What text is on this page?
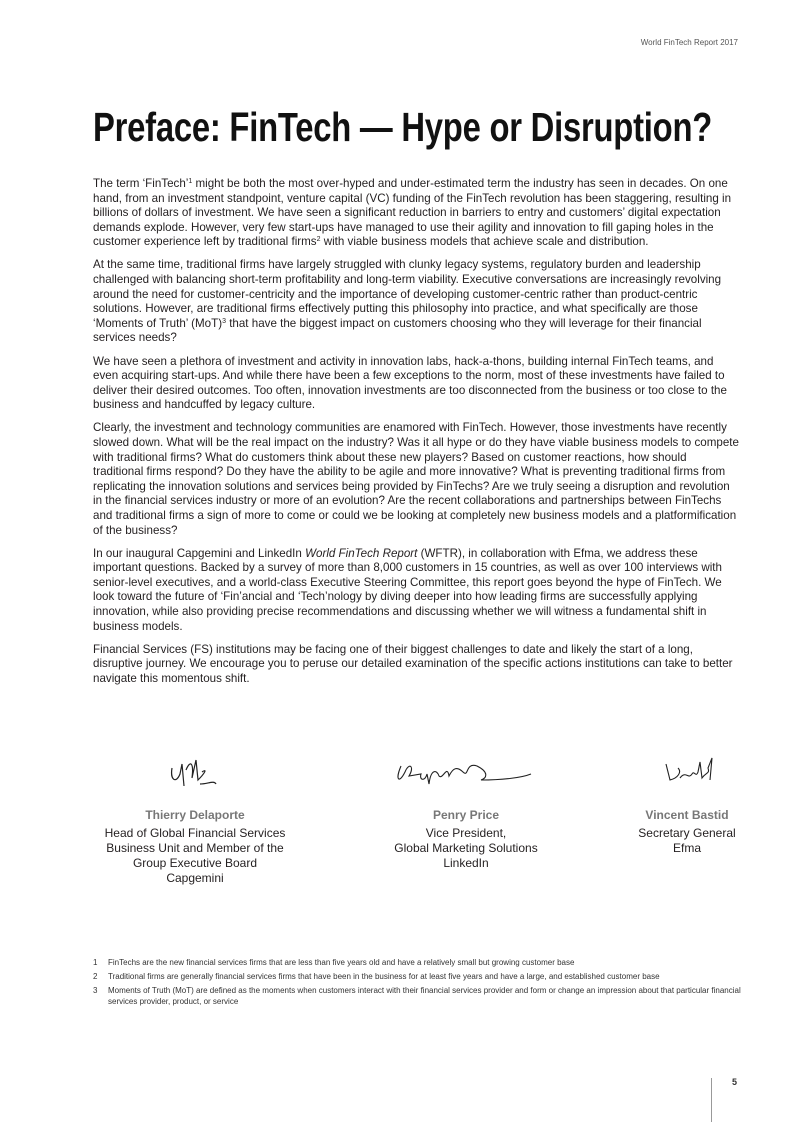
World FinTech Report 2017
Preface: FinTech — Hype or Disruption?

The term ‘FinTech’$^1$ might be both the most over-hyped and under-estimated term the industry has seen in decades. On one hand, from an investment standpoint, venture capital (VC) funding of the FinTech revolution has been staggering, resulting in billions of dollars of investment. We have seen a significant reduction in barriers to entry and customers’ digital expectation demands explode. However, very few start-ups have managed to use their agility and innovation to fill gaping holes in the customer experience left by traditional firms$^2$ with viable business models that achieve scale and distribution.

At the same time, traditional firms have largely struggled with clunky legacy systems, regulatory burden and leadership challenged with balancing short-term profitability and long-term viability. Executive conversations are increasingly revolving around the need for customer-centricity and the importance of developing customer-centric rather than product-centric solutions. However, are traditional firms effectively putting this philosophy into practice, and what specifically are those ‘Moments of Truth’ (MoT)$^3$ that have the biggest impact on customers choosing who they will leverage for their financial services needs?

We have seen a plethora of investment and activity in innovation labs, hack-a-thons, building internal FinTech teams, and even acquiring start-ups. And while there have been a few exceptions to the norm, most of these investments have failed to deliver their desired outcomes. Too often, innovation investments are too disconnected from the business or too close to the business and handcuffed by legacy culture.

Clearly, the investment and technology communities are enamored with FinTech. However, those investments have recently slowed down. What will be the real impact on the industry? Was it all hype or do they have viable business models to compete with traditional firms? What do customers think about these new players? Based on customer reactions, how should traditional firms respond? Do they have the ability to be agile and more innovative? What is preventing traditional firms from replicating the innovation solutions and services being provided by FinTechs? Are we truly seeing a disruption and revolution in the financial services industry or more of an evolution? Are the recent collaborations and partnerships between FinTechs and traditional firms a sign of more to come or could we be looking at completely new business models and a platformification of the business?

In our inaugural Capgemini and LinkedIn World FinTech Report (WFTR), in collaboration with Efma, we address these important questions. Backed by a survey of more than 8,000 customers in 15 countries, as well as over 100 interviews with senior-level executives, and a world-class Executive Steering Committee, this report goes beyond the hype of FinTech. We look toward the future of ‘Fin’ancial and ‘Tech’nology by diving deeper into how leading firms are successfully applying innovation, while also providing precise recommendations and discussing whether we will witness a fundamental shift in business models.

Financial Services (FS) institutions may be facing one of their biggest challenges to date and likely the start of a long, disruptive journey. We encourage you to peruse our detailed examination of the specific actions institutions can take to better navigate this momentous shift.

Thierry Delaporte
Head of Global Financial Services
Business Unit and Member of the
Group Executive Board
Capgemini
Penry Price
Vice President,
Global Marketing Solutions
LinkedIn
Vincent Bastid
Secretary General
Efma
1	FinTechs are the new financial services firms that are less than five years old and have a relatively small but growing customer base
2	Traditional firms are generally financial services firms that have been in the business for at least five years and have a large, and established customer base
3	Moments of Truth (MoT) are defined as the moments when customers interact with their financial services provider and form or change an impression about that particular financial services provider, product, or service
5
